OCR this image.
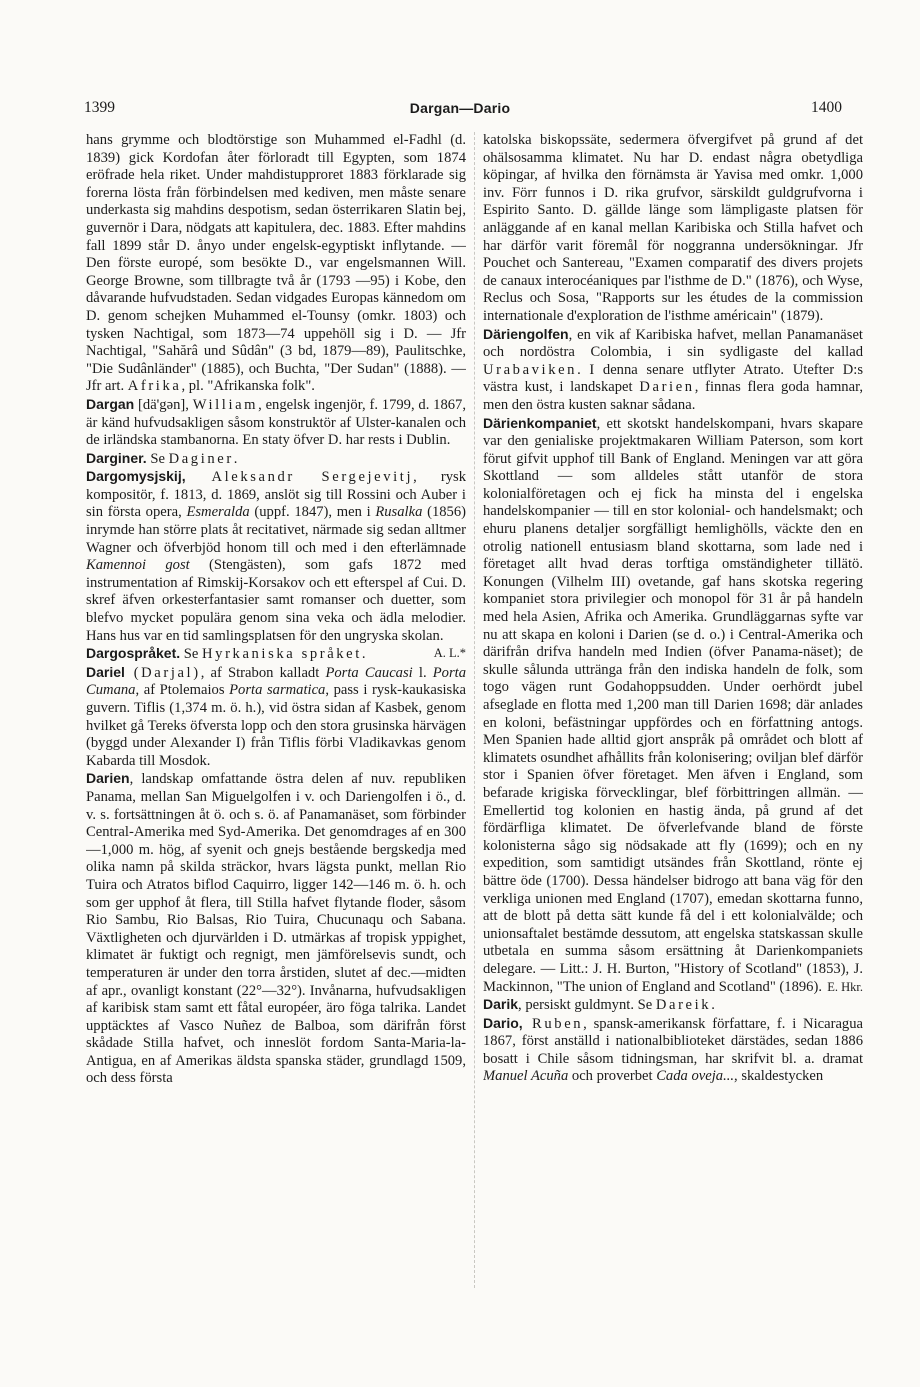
1399	Dargan—Dario	1400

hans grymme och blodtörstige son Muhammed el-Fadhl (d. 1839) gick Kordofan åter förloradt till Egypten, som 1874 eröfrade hela riket. Under mahdistupproret 1883 förklarade sig forerna lösta från förbindelsen med kediven, men måste senare underkasta sig mahdins despotism, sedan österrikaren Slatin bej, guvernör i Dara, nödgats att kapitulera, dec. 1883. Efter mahdins fall 1899 står D. ånyo under engelsk-egyptiskt inflytande. — Den förste europé, som besökte D., var engelsmannen Will. George Browne, som tillbragte två år (1793 —95) i Kobe, den dåvarande hufvudstaden. Sedan vidgades Europas kännedom om D. genom schejken Muhammed el-Tounsy (omkr. 1803) och tysken Nachtigal, som 1873—74 uppehöll sig i D. — Jfr Nachtigal, "Sahărâ und Sûdân" (3 bd, 1879—89), Paulitschke, "Die Sudânländer" (1885), och Buchta, "Der Sudan" (1888). — Jfr art. Afrika, pl. "Afrikanska folk".

Dargan [dä'gən], William, engelsk ingenjör, f. 1799, d. 1867, är känd hufvudsakligen såsom konstruktör af Ulster-kanalen och de irländska stambanorna. En staty öfver D. har rests i Dublin.

Darginer. Se Daginer.

Dargomysjskij, Aleksandr Sergejevitj, rysk kompositör, f. 1813, d. 1869, anslöt sig till Rossini och Auber i sin första opera, Esmeralda (uppf. 1847), men i Rusalka (1856) inrymde han större plats åt recitativet, närmade sig sedan alltmer Wagner och öfverbjöd honom till och med i den efterlämnade Kamennoi gost (Stengästen), som gafs 1872 med instrumentation af Rimskij-Korsakov och ett efterspel af Cui. D. skref äfven orkesterfantasier samt romanser och duetter, som blefvo mycket populära genom sina veka och ädla melodier. Hans hus var en tid samlingsplatsen för den ungryska skolan.
A. L.*

Dargospråket. Se Hyrkaniska språket.

Dariel (Darjal), af Strabon kalladt Porta Caucasi l. Porta Cumana, af Ptolemaios Porta sarmatica, pass i rysk-kaukasiska guvern. Tiflis (1,374 m. ö. h.), vid östra sidan af Kasbek, genom hvilket gå Tereks öfversta lopp och den stora grusinska härvägen (byggd under Alexander I) från Tiflis förbi Vladikavkas genom Kabarda till Mosdok.

Darien, landskap omfattande östra delen af nuv. republiken Panama, mellan San Miguelgolfen i v. och Dariengolfen i ö., d. v. s. fortsättningen åt ö. och s. ö. af Panamanäset, som förbinder Central-Amerika med Syd-Amerika. Det genomdrages af en 300—1,000 m. hög, af syenit och gnejs bestående bergskedja med olika namn på skilda sträckor, hvars lägsta punkt, mellan Rio Tuira och Atratos biflod Caquirro, ligger 142—146 m. ö. h. och som ger upphof åt flera, till Stilla hafvet flytande floder, såsom Rio Sambu, Rio Balsas, Rio Tuira, Chucunaqu och Sabana. Växtligheten och djurvärlden i D. utmärkas af tropisk yppighet, klimatet är fuktigt och regnigt, men jämförelsevis sundt, och temperaturen är under den torra årstiden, slutet af dec.—midten af apr., ovanligt konstant (22°—32°). Invånarna, hufvudsakligen af karibisk stam samt ett fåtal européer, äro föga talrika. Landet upptäcktes af Vasco Nuñez de Balboa, som därifrån först skådade Stilla hafvet, och inneslöt fordom Santa-Maria-la-Antigua, en af Amerikas äldsta spanska städer, grundlagd 1509, och dess första

katolska biskopssäte, sedermera öfvergifvet på grund af det ohälsosamma klimatet. Nu har D. endast några obetydliga köpingar, af hvilka den förnämsta är Yavisa med omkr. 1,000 inv. Förr funnos i D. rika grufvor, särskildt guldgrufvorna i Espirito Santo. D. gällde länge som lämpligaste platsen för anläggande af en kanal mellan Karibiska och Stilla hafvet och har därför varit föremål för noggranna undersökningar. Jfr Pouchet och Santereau, "Examen comparatif des divers projets de canaux interocéaniques par l'isthme de D." (1876), och Wyse, Reclus och Sosa, "Rapports sur les études de la commission internationale d'exploration de l'isthme américain" (1879).

Däriengolfen, en vik af Karibiska hafvet, mellan Panamanäset och nordöstra Colombia, i sin sydligaste del kallad Urabaviken. I denna senare utflyter Atrato. Utefter D:s västra kust, i landskapet Darien, finnas flera goda hamnar, men den östra kusten saknar sådana.

Därienkompaniet, ett skotskt handelskompani, hvars skapare var den genialiske projektmakaren William Paterson, som kort förut gifvit upphof till Bank of England. Meningen var att göra Skottland — som alldeles stått utanför de stora kolonialföretagen och ej fick ha minsta del i engelska handelskompanier — till en stor kolonial- och handelsmakt; och ehuru planens detaljer sorgfälligt hemlighölls, väckte den en otrolig nationell entusiasm bland skottarna, som lade ned i företaget allt hvad deras torftiga omständigheter tillätö. Konungen (Vilhelm III) ovetande, gaf hans skotska regering kompaniet stora privilegier och monopol för 31 år på handeln med hela Asien, Afrika och Amerika. Grundläggarnas syfte var nu att skapa en koloni i Darien (se d. o.) i Central-Amerika och därifrån drifva handeln med Indien (öfver Panama-näset); de skulle sålunda uttränga från den indiska handeln de folk, som togo vägen runt Godahoppsudden. Under oerhördt jubel afseglade en flotta med 1,200 man till Darien 1698; där anlades en koloni, befästningar uppfördes och en författning antogs. Men Spanien hade alltid gjort anspråk på området och blott af klimatets osundhet afhållits från kolonisering; oviljan blef därför stor i Spanien öfver företaget. Men äfven i England, som befarade krigiska förvecklingar, blef förbittringen allmän. — Emellertid tog kolonien en hastig ända, på grund af det fördärfliga klimatet. De öfverlefvande bland de förste kolonisterna sågo sig nödsakade att fly (1699); och en ny expedition, som samtidigt utsändes från Skottland, rönte ej bättre öde (1700). Dessa händelser bidrogo att bana väg för den verkliga unionen med England (1707), emedan skottarna funno, att de blott på detta sätt kunde få del i ett kolonialvälde; och unionsaftalet bestämde dessutom, att engelska statskassan skulle utbetala en summa såsom ersättning åt Darienkompaniets delegare. — Litt.: J. H. Burton, "History of Scotland" (1853), J. Mackinnon, "The union of England and Scotland" (1896). E. Hkr.

Darik, persiskt guldmynt. Se Dareik.

Dario, Ruben, spansk-amerikansk författare, f. i Nicaragua 1867, först anställd i nationalbiblioteket därstädes, sedan 1886 bosatt i Chile såsom tidningsman, har skrifvit bl. a. dramat Manuel Acuña och proverbet Cada oveja..., skaldestycken
